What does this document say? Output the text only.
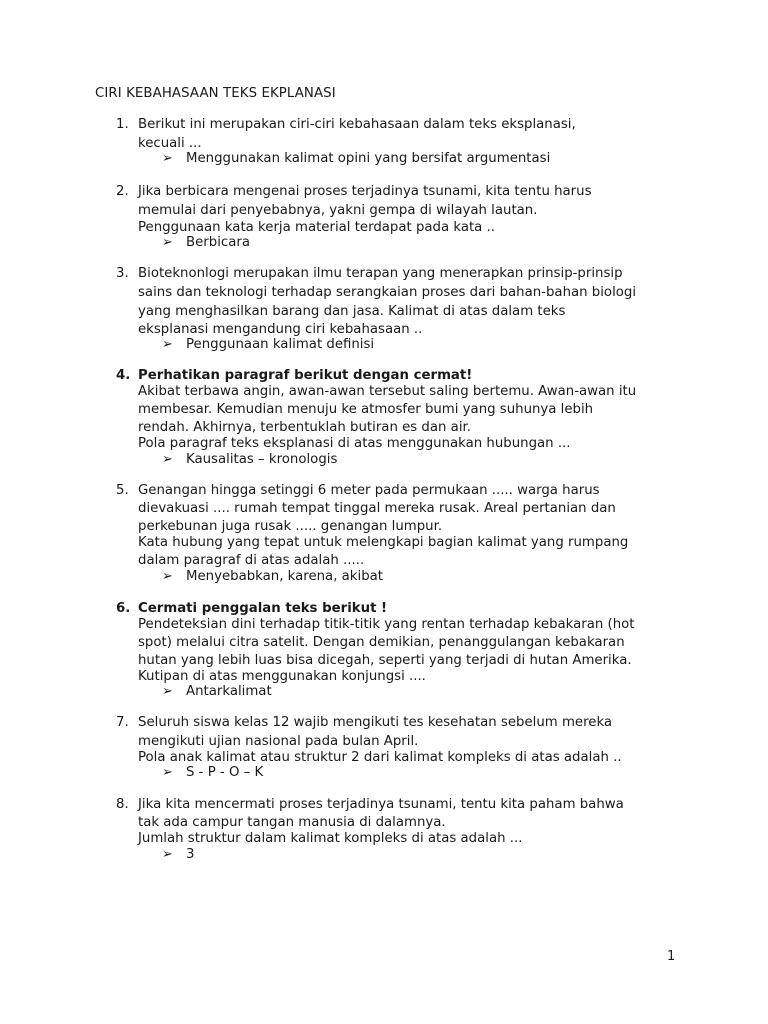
CIRI KEBAHASAAN TEKS EKPLANASI
1. Berikut ini merupakan ciri-ciri kebahasaan dalam teks eksplanasi,
kecuali ...
➢ Menggunakan kalimat opini yang bersifat argumentasi
2. Jika berbicara mengenai proses terjadinya tsunami, kita tentu harus
memulai dari penyebabnya, yakni gempa di wilayah lautan.
Penggunaan kata kerja material terdapat pada kata ..
➢ Berbicara
3. Bioteknonlogi merupakan ilmu terapan yang menerapkan prinsip-prinsip
sains dan teknologi terhadap serangkaian proses dari bahan-bahan biologi
yang menghasilkan barang dan jasa. Kalimat di atas dalam teks
eksplanasi mengandung ciri kebahasaan ..
➢ Penggunaan kalimat definisi
4. Perhatikan paragraf berikut dengan cermat!
Akibat terbawa angin, awan-awan tersebut saling bertemu. Awan-awan itu
membesar. Kemudian menuju ke atmosfer bumi yang suhunya lebih
rendah. Akhirnya, terbentuklah butiran es dan air.
Pola paragraf teks eksplanasi di atas menggunakan hubungan ...
➢ Kausalitas – kronologis
5. Genangan hingga setinggi 6 meter pada permukaan ..... warga harus
dievakuasi .... rumah tempat tinggal mereka rusak. Areal pertanian dan
perkebunan juga rusak ..... genangan lumpur.
Kata hubung yang tepat untuk melengkapi bagian kalimat yang rumpang
dalam paragraf di atas adalah .....
➢ Menyebabkan, karena, akibat
6. Cermati penggalan teks berikut !
Pendeteksian dini terhadap titik-titik yang rentan terhadap kebakaran (hot
spot) melalui citra satelit. Dengan demikian, penanggulangan kebakaran
hutan yang lebih luas bisa dicegah, seperti yang terjadi di hutan Amerika.
Kutipan di atas menggunakan konjungsi ....
➢ Antarkalimat
7. Seluruh siswa kelas 12 wajib mengikuti tes kesehatan sebelum mereka
mengikuti ujian nasional pada bulan April.
Pola anak kalimat atau struktur 2 dari kalimat kompleks di atas adalah ..
➢ S - P - O – K
8. Jika kita mencermati proses terjadinya tsunami, tentu kita paham bahwa
tak ada campur tangan manusia di dalamnya.
Jumlah struktur dalam kalimat kompleks di atas adalah ...
➢ 3
1
